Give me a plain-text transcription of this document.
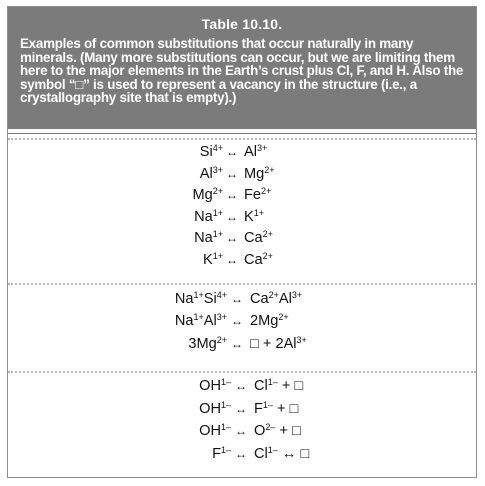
Table 10.10.
Examples of common substitutions that occur naturally in many minerals. (Many more substitutions can occur, but we are limiting them here to the major elements in the Earth’s crust plus Cl, F, and H. Also the symbol “□” is used to represent a vacancy in the structure (i.e., a crystallography site that is empty).)
$Si^{4+}$ ↔ $Al^{3+}$
$Al^{3+}$ ↔ $Mg^{2+}$
$Mg^{2+}$ ↔ $Fe^{2+}$
$Na^{1+}$ ↔ $K^{1+}$
$Na^{1+}$ ↔ $Ca^{2+}$
$K^{1+}$ ↔ $Ca^{2+}$
$Na^{1+}Si^{4+}$ ↔ $Ca^{2+}Al^{3+}$
$Na^{1+}Al^{3+}$ ↔ $2Mg^{2+}$
$3Mg^{2+}$ ↔ □ + $2Al^{3+}$
$OH^{1-}$ ↔ $Cl^{1-}$ + □
$OH^{1-}$ ↔ $F^{1-}$ + □
$OH^{1-}$ ↔ $O^{2-}$ + □
$F^{1-}$ ↔ $Cl^{1-}$ ↔ □
